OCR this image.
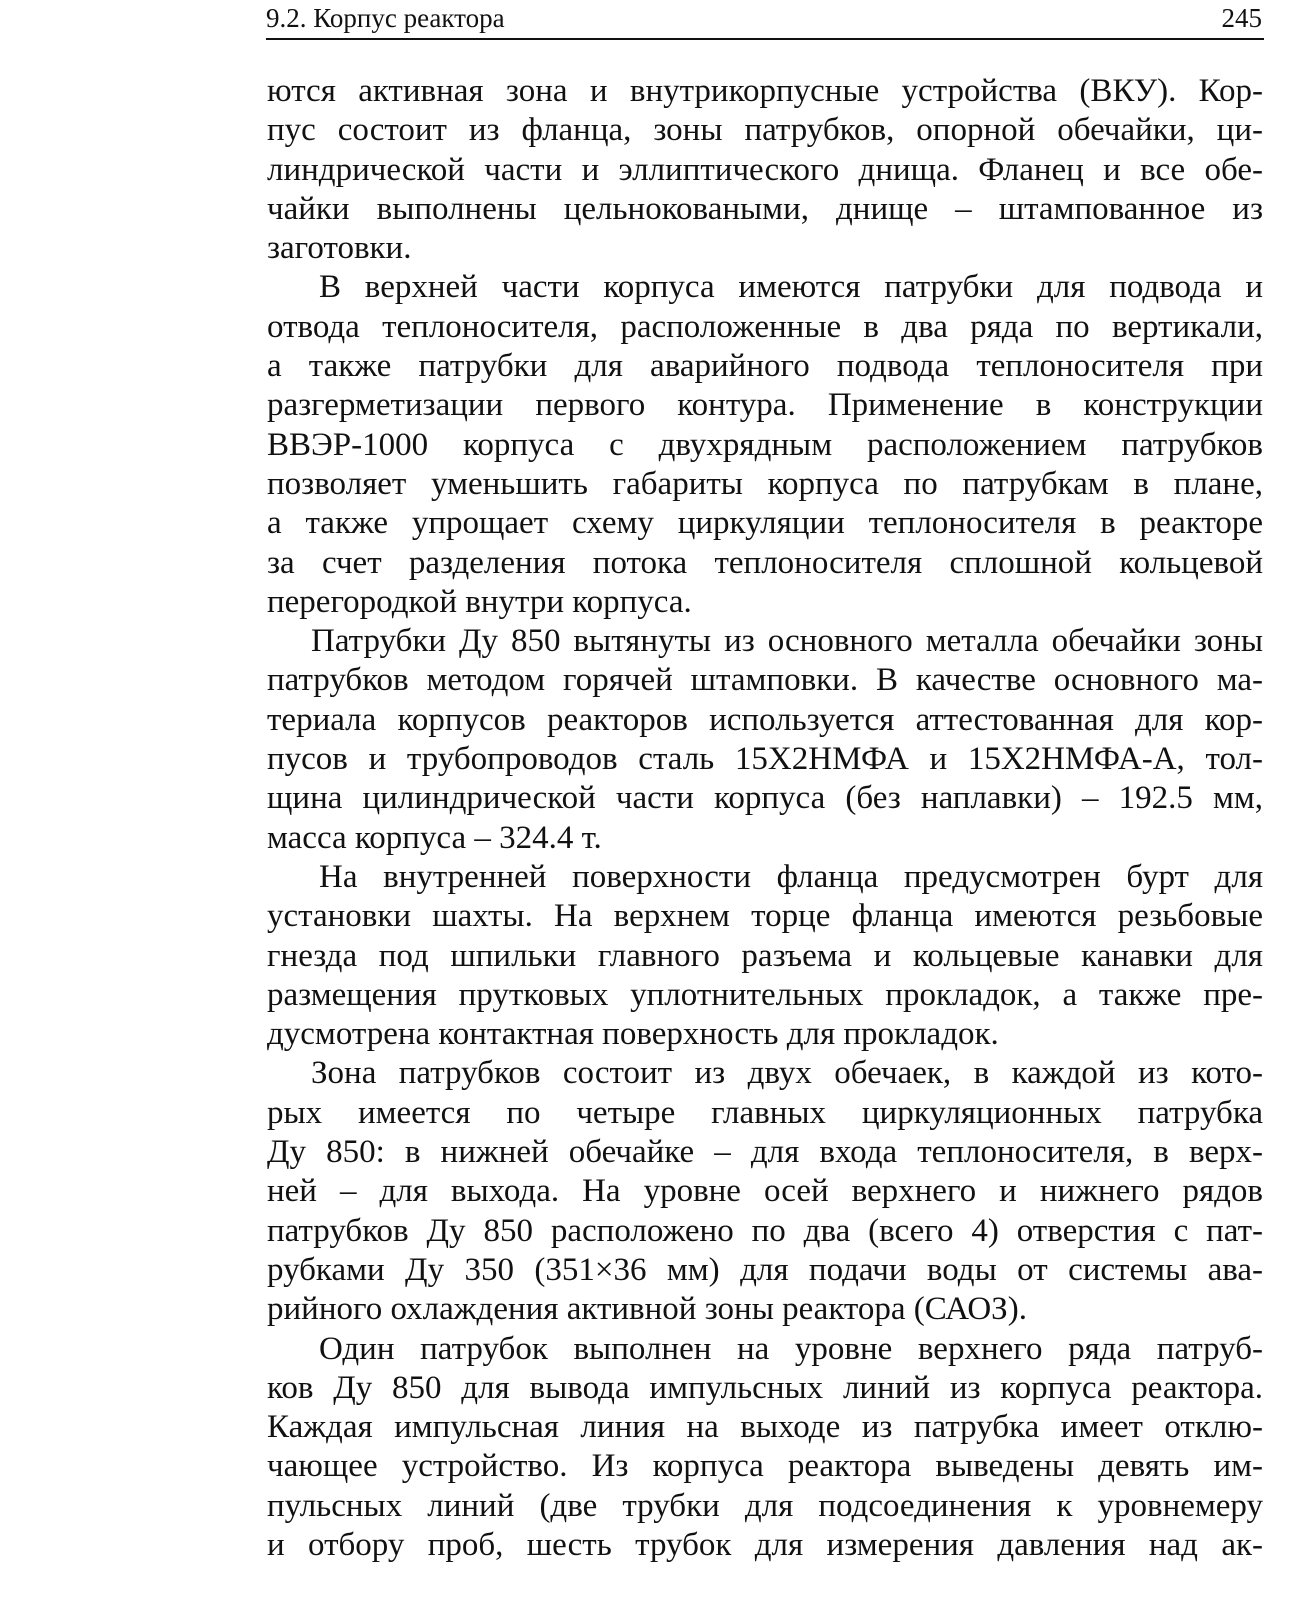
9.2. Корпус реактора	245
ются активная зона и внутрикорпусные устройства (ВКУ). Кор-
пус состоит из фланца, зоны патрубков, опорной обечайки, ци-
линдрической части и эллиптического днища. Фланец и все обе-
чайки выполнены цельноковаными, днище – штампованное из
заготовки.
В верхней части корпуса имеются патрубки для подвода и
отвода теплоносителя, расположенные в два ряда по вертикали,
а также патрубки для аварийного подвода теплоносителя при
разгерметизации первого контура. Применение в конструкции
ВВЭР-1000 корпуса с двухрядным расположением патрубков
позволяет уменьшить габариты корпуса по патрубкам в плане,
а также упрощает схему циркуляции теплоносителя в реакторе
за счет разделения потока теплоносителя сплошной кольцевой
перегородкой внутри корпуса.
Патрубки Ду 850 вытянуты из основного металла обечайки зоны
патрубков методом горячей штамповки. В качестве основного ма-
териала корпусов реакторов используется аттестованная для кор-
пусов и трубопроводов сталь 15Х2НМФА и 15Х2НМФА-А, тол-
щина цилиндрической части корпуса (без наплавки) – 192.5 мм,
масса корпуса – 324.4 т.
На внутренней поверхности фланца предусмотрен бурт для
установки шахты. На верхнем торце фланца имеются резьбовые
гнезда под шпильки главного разъема и кольцевые канавки для
размещения прутковых уплотнительных прокладок, а также пре-
дусмотрена контактная поверхность для прокладок.
Зона патрубков состоит из двух обечаек, в каждой из кото-
рых имеется по четыре главных циркуляционных патрубка
Ду 850: в нижней обечайке – для входа теплоносителя, в верх-
ней – для выхода. На уровне осей верхнего и нижнего рядов
патрубков Ду 850 расположено по два (всего 4) отверстия с пат-
рубками Ду 350 (351×36 мм) для подачи воды от системы ава-
рийного охлаждения активной зоны реактора (САОЗ).
Один патрубок выполнен на уровне верхнего ряда патруб-
ков Ду 850 для вывода импульсных линий из корпуса реактора.
Каждая импульсная линия на выходе из патрубка имеет отклю-
чающее устройство. Из корпуса реактора выведены девять им-
пульсных линий (две трубки для подсоединения к уровнемеру
и отбору проб, шесть трубок для измерения давления над ак-
